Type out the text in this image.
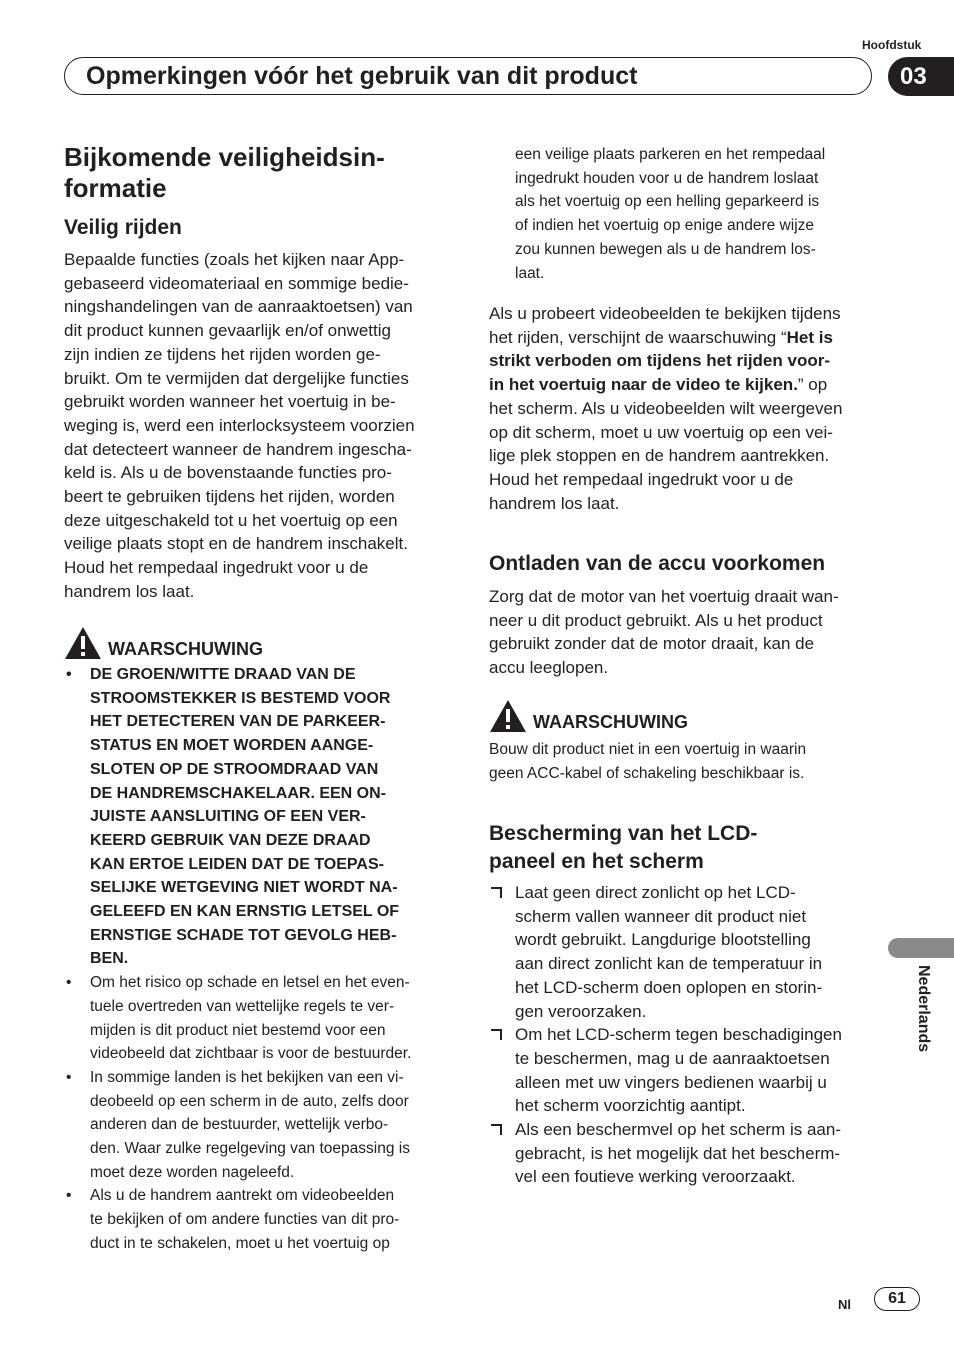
Hoofdstuk
Opmerkingen vóór het gebruik van dit product	03
Bijkomende veiligheidsin-
formatie
Veilig rijden
Bepaalde functies (zoals het kijken naar App-
gebaseerd videomateriaal en sommige bedie-
ningshandelingen van de aanraaktoetsen) van
dit product kunnen gevaarlijk en/of onwettig
zijn indien ze tijdens het rijden worden ge-
bruikt. Om te vermijden dat dergelijke functies
gebruikt worden wanneer het voertuig in be-
weging is, werd een interlocksysteem voorzien
dat detecteert wanneer de handrem ingescha-
keld is. Als u de bovenstaande functies pro-
beert te gebruiken tijdens het rijden, worden
deze uitgeschakeld tot u het voertuig op een
veilige plaats stopt en de handrem inschakelt.
Houd het rempedaal ingedrukt voor u de
handrem los laat.
WAARSCHUWING
• DE GROEN/WITTE DRAAD VAN DE
STROOMSTEKKER IS BESTEMD VOOR
HET DETECTEREN VAN DE PARKEER-
STATUS EN MOET WORDEN AANGE-
SLOTEN OP DE STROOMDRAAD VAN
DE HANDREMSCHAKELAAR. EEN ON-
JUISTE AANSLUITING OF EEN VER-
KEERD GEBRUIK VAN DEZE DRAAD
KAN ERTOE LEIDEN DAT DE TOEPAS-
SELIJKE WETGEVING NIET WORDT NA-
GELEEFD EN KAN ERNSTIG LETSEL OF
ERNSTIGE SCHADE TOT GEVOLG HEB-
BEN.
• Om het risico op schade en letsel en het even-
tuele overtreden van wettelijke regels te ver-
mijden is dit product niet bestemd voor een
videobeeld dat zichtbaar is voor de bestuurder.
• In sommige landen is het bekijken van een vi-
deobeeld op een scherm in de auto, zelfs door
anderen dan de bestuurder, wettelijk verbo-
den. Waar zulke regelgeving van toepassing is
moet deze worden nageleefd.
• Als u de handrem aantrekt om videobeelden
te bekijken of om andere functies van dit pro-
duct in te schakelen, moet u het voertuig op
een veilige plaats parkeren en het rempedaal
ingedrukt houden voor u de handrem loslaat
als het voertuig op een helling geparkeerd is
of indien het voertuig op enige andere wijze
zou kunnen bewegen als u de handrem los-
laat.
Als u probeert videobeelden te bekijken tijdens
het rijden, verschijnt de waarschuwing “Het is
strikt verboden om tijdens het rijden voor-
in het voertuig naar de video te kijken.” op
het scherm. Als u videobeelden wilt weergeven
op dit scherm, moet u uw voertuig op een vei-
lige plek stoppen en de handrem aantrekken.
Houd het rempedaal ingedrukt voor u de
handrem los laat.
Ontladen van de accu voorkomen
Zorg dat de motor van het voertuig draait wan-
neer u dit product gebruikt. Als u het product
gebruikt zonder dat de motor draait, kan de
accu leeglopen.
WAARSCHUWING
Bouw dit product niet in een voertuig in waarin
geen ACC-kabel of schakeling beschikbaar is.
Bescherming van het LCD-
paneel en het scherm
Laat geen direct zonlicht op het LCD-
scherm vallen wanneer dit product niet
wordt gebruikt. Langdurige blootstelling
aan direct zonlicht kan de temperatuur in
het LCD-scherm doen oplopen en storin-
gen veroorzaken.
Om het LCD-scherm tegen beschadigingen
te beschermen, mag u de aanraaktoetsen
alleen met uw vingers bedienen waarbij u
het scherm voorzichtig aantipt.
Als een beschermvel op het scherm is aan-
gebracht, is het mogelijk dat het bescherm-
vel een foutieve werking veroorzaakt.
Nederlands
Nl	61
